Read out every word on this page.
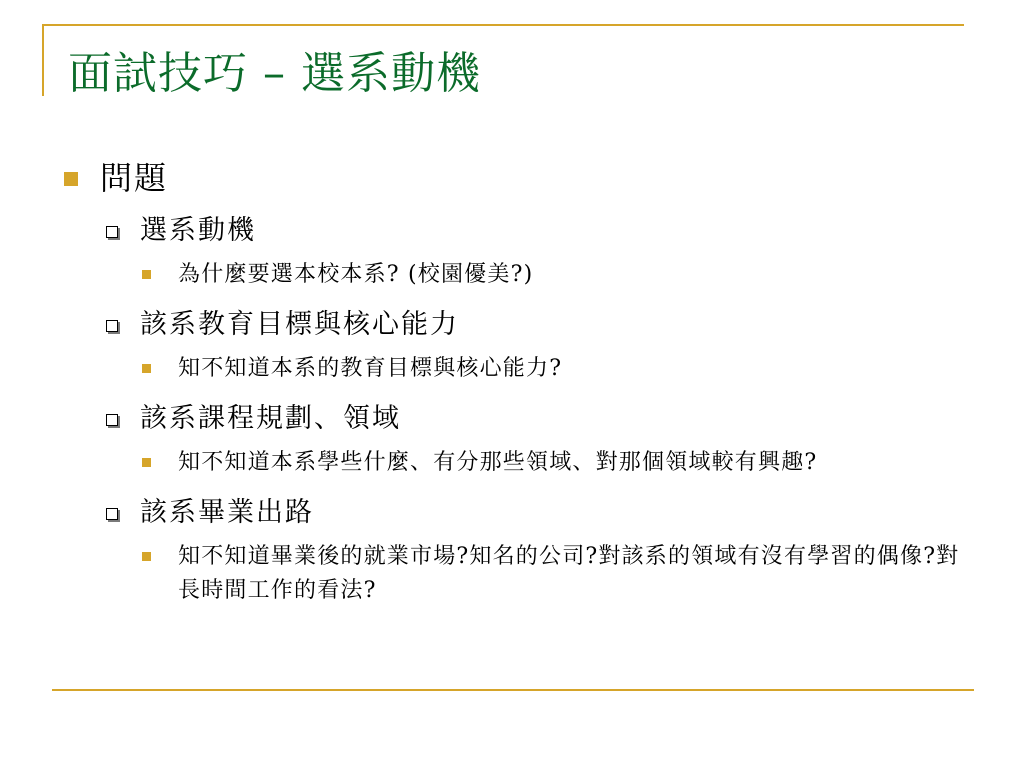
面試技巧 – 選系動機
問題
選系動機
為什麼要選本校本系? (校園優美?)
該系教育目標與核心能力
知不知道本系的教育目標與核心能力?
該系課程規劃、領域
知不知道本系學些什麼、有分那些領域、對那個領域較有興趣?
該系畢業出路
知不知道畢業後的就業市場?知名的公司?對該系的領域有沒有學習的偶像?對長時間工作的看法?
